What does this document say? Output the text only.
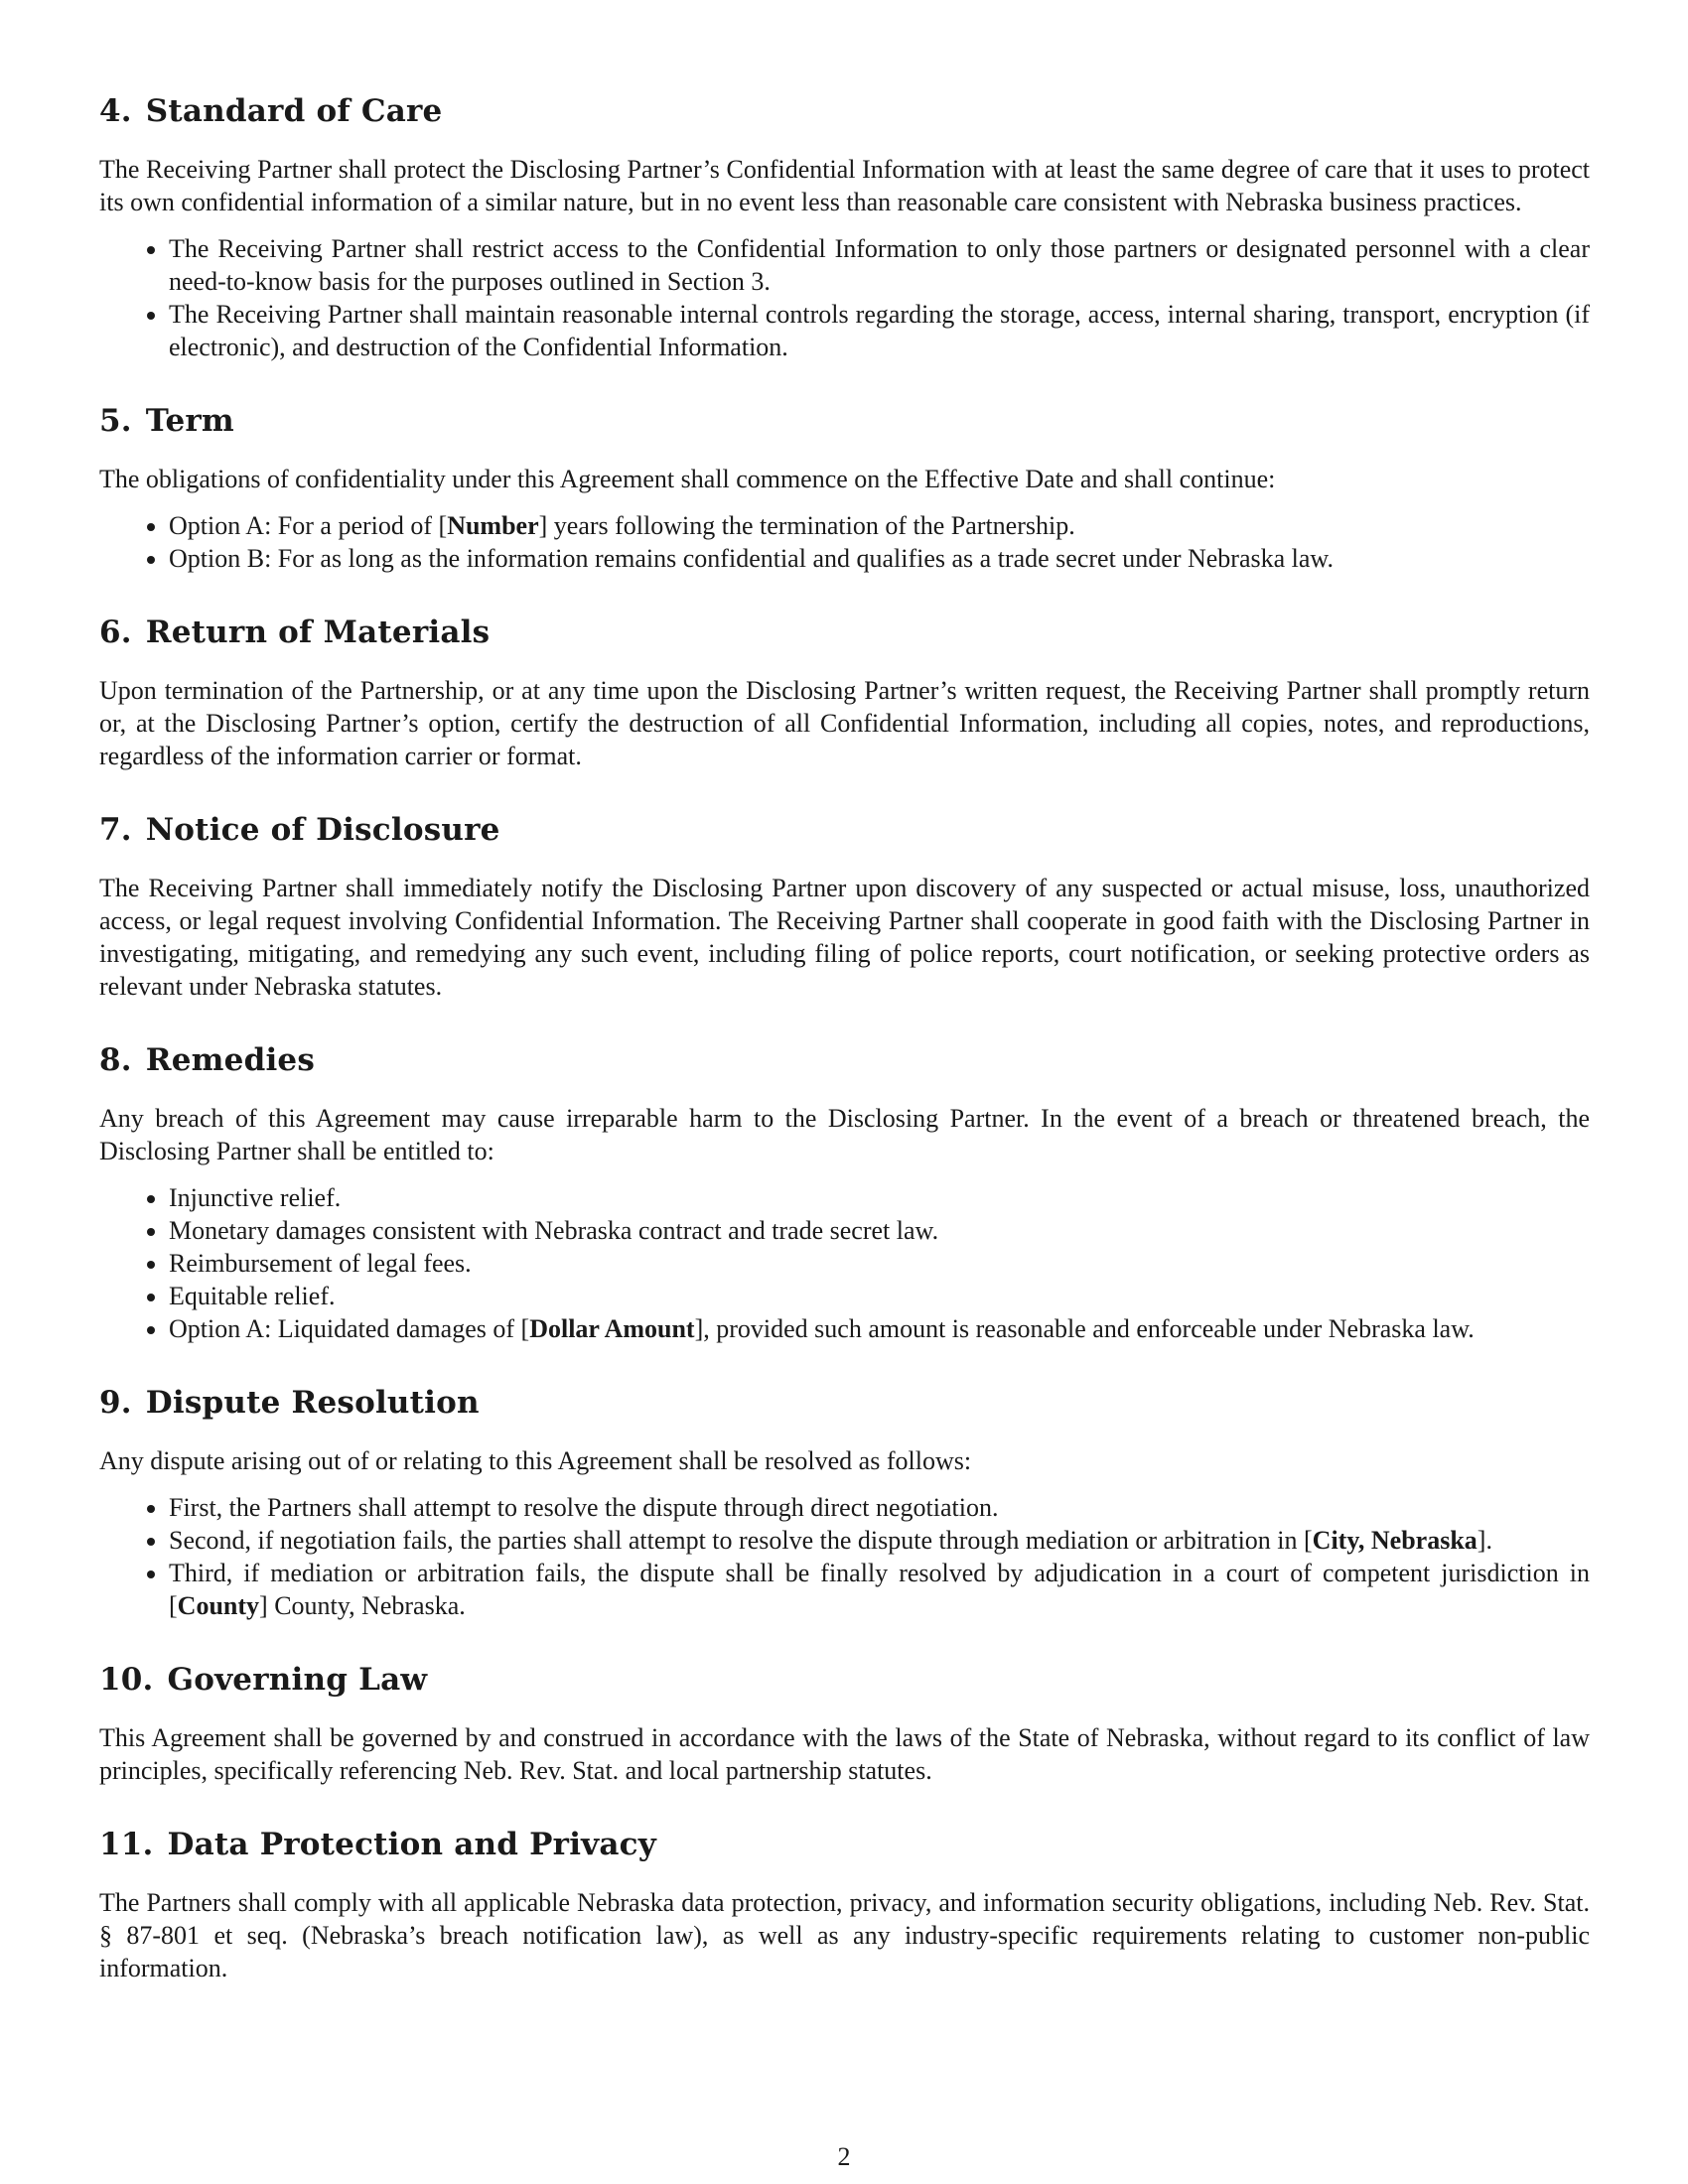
4. Standard of Care

The Receiving Partner shall protect the Disclosing Partner’s Confidential Information with at least the same degree of care that it uses to protect its own confidential information of a similar nature, but in no event less than reasonable care consistent with Nebraska business practices.

• The Receiving Partner shall restrict access to the Confidential Information to only those partners or designated personnel with a clear need-to-know basis for the purposes outlined in Section 3.
• The Receiving Partner shall maintain reasonable internal controls regarding the storage, access, internal sharing, transport, encryption (if electronic), and destruction of the Confidential Information.
5. Term

The obligations of confidentiality under this Agreement shall commence on the Effective Date and shall continue:

• Option A: For a period of [Number] years following the termination of the Partnership.
• Option B: For as long as the information remains confidential and qualifies as a trade secret under Nebraska law.
6. Return of Materials

Upon termination of the Partnership, or at any time upon the Disclosing Partner’s written request, the Receiving Partner shall promptly return or, at the Disclosing Partner’s option, certify the destruction of all Confidential Information, including all copies, notes, and reproductions, regardless of the information carrier or format.

7. Notice of Disclosure

The Receiving Partner shall immediately notify the Disclosing Partner upon discovery of any suspected or actual misuse, loss, unauthorized access, or legal request involving Confidential Information. The Receiving Partner shall cooperate in good faith with the Disclosing Partner in investigating, mitigating, and remedying any such event, including filing of police reports, court notification, or seeking protective orders as relevant under Nebraska statutes.

8. Remedies

Any breach of this Agreement may cause irreparable harm to the Disclosing Partner. In the event of a breach or threatened breach, the Disclosing Partner shall be entitled to:

• Injunctive relief.
• Monetary damages consistent with Nebraska contract and trade secret law.
• Reimbursement of legal fees.
• Equitable relief.
• Option A: Liquidated damages of [Dollar Amount], provided such amount is reasonable and enforceable under Nebraska law.
9. Dispute Resolution

Any dispute arising out of or relating to this Agreement shall be resolved as follows:

• First, the Partners shall attempt to resolve the dispute through direct negotiation.
• Second, if negotiation fails, the parties shall attempt to resolve the dispute through mediation or arbitration in [City, Nebraska].
• Third, if mediation or arbitration fails, the dispute shall be finally resolved by adjudication in a court of competent jurisdiction in [County] County, Nebraska.
10. Governing Law

This Agreement shall be governed by and construed in accordance with the laws of the State of Nebraska, without regard to its conflict of law principles, specifically referencing Neb. Rev. Stat. and local partnership statutes.

11. Data Protection and Privacy

The Partners shall comply with all applicable Nebraska data protection, privacy, and information security obligations, including Neb. Rev. Stat. § 87-801 et seq. (Nebraska’s breach notification law), as well as any industry-specific requirements relating to customer non-public information.

2
